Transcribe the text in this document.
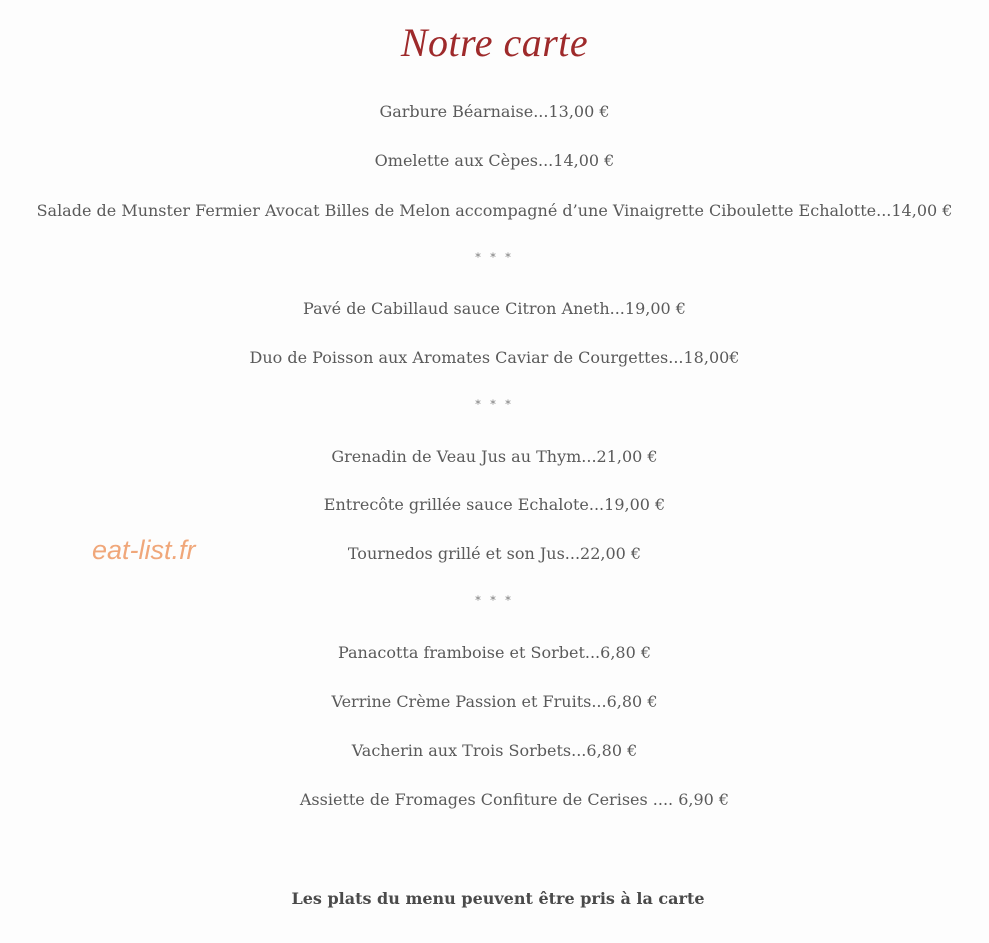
Notre carte
Garbure Béarnaise...13,00 €
Omelette aux Cèpes...14,00 €
Salade de Munster Fermier Avocat Billes de Melon accompagné d’une Vinaigrette Ciboulette Echalotte...14,00 €
* * *
Pavé de Cabillaud sauce Citron Aneth...19,00 €
Duo de Poisson aux Aromates Caviar de Courgettes...18,00€
* * *
Grenadin de Veau Jus au Thym...21,00 €
Entrecôte grillée sauce Echalote...19,00 €
Tournedos grillé et son Jus...22,00 €
* * *
Panacotta framboise et Sorbet...6,80 €
Verrine Crème Passion et Fruits...6,80 €
Vacherin aux Trois Sorbets...6,80 €
Assiette de Fromages Confiture de Cerises .... 6,90 €
Les plats du menu peuvent être pris à la carte
eat-list.fr
